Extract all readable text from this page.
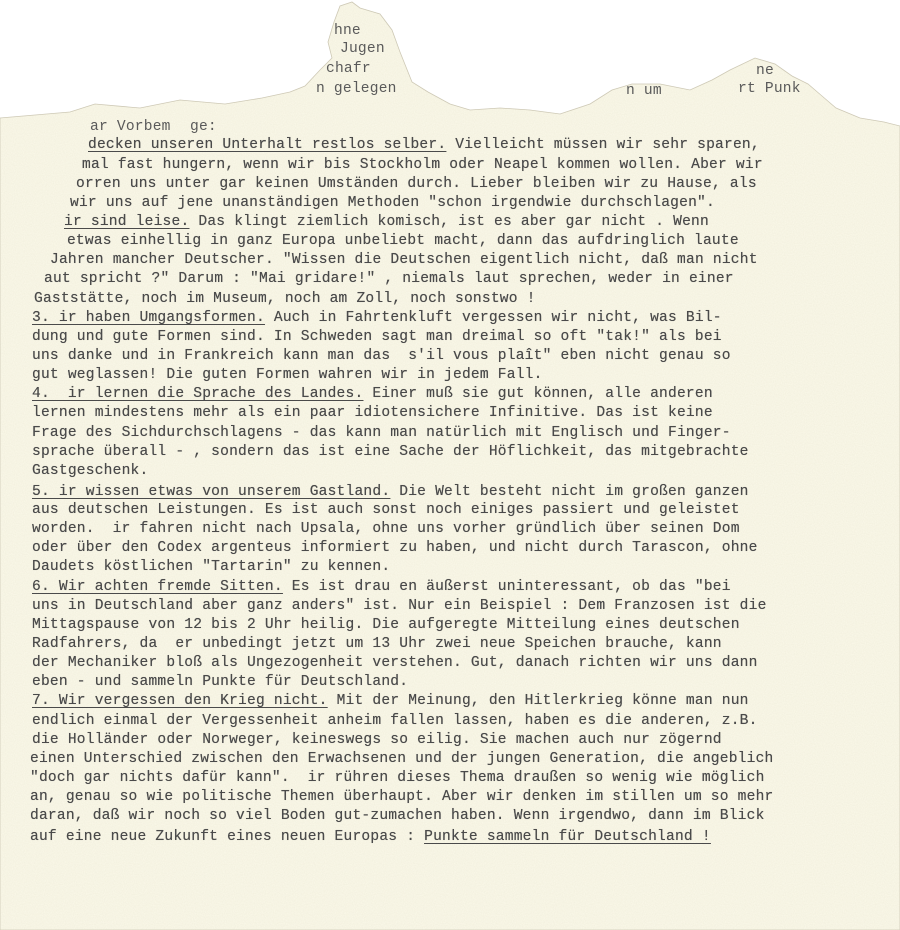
hne

Jugen

chafr

n gelegen

ne

n um

	rt Punk

ar Vorbem

ge:

decken unseren Unterhalt restlos selber. Vielleicht müssen wir sehr sparen,
mal fast hungern, wenn wir bis Stockholm oder Neapel kommen wollen. Aber wir
orren uns unter gar keinen Umständen durch. Lieber bleiben wir zu Hause, als
wir uns auf jene unanständigen Methoden "schon irgendwie durchschlagen".
ir sind leise. Das klingt ziemlich komisch, ist es aber gar nicht . Wenn
etwas einhellig in ganz Europa unbeliebt macht, dann das aufdringlich laute
Jahren mancher Deutscher. "Wissen die Deutschen eigentlich nicht, daß man nicht
aut spricht ?" Darum : "Mai gridare!" , niemals laut sprechen, weder in einer
Gaststätte, noch im Museum, noch am Zoll, noch sonstwo !
3. ir haben Umgangsformen. Auch in Fahrtenkluft vergessen wir nicht, was Bil-
dung und gute Formen sind. In Schweden sagt man dreimal so oft "tak!" als bei
uns danke und in Frankreich kann man das  s'il vous plaît" eben nicht genau so
gut weglassen! Die guten Formen wahren wir in jedem Fall.
4.  ir lernen die Sprache des Landes. Einer muß sie gut können, alle anderen
lernen mindestens mehr als ein paar idiotensichere Infinitive. Das ist keine
Frage des Sichdurchschlagens - das kann man natürlich mit Englisch und Finger-
sprache überall - , sondern das ist eine Sache der Höflichkeit, das mitgebrachte
Gastgeschenk.
5. ir wissen etwas von unserem Gastland. Die Welt besteht nicht im großen ganzen
aus deutschen Leistungen. Es ist auch sonst noch einiges passiert und geleistet
worden.  ir fahren nicht nach Upsala, ohne uns vorher gründlich über seinen Dom
oder über den Codex argenteus informiert zu haben, und nicht durch Tarascon, ohne
Daudets köstlichen "Tartarin" zu kennen.
6. Wir achten fremde Sitten. Es ist drau en äußerst uninteressant, ob das "bei
uns in Deutschland aber ganz anders" ist. Nur ein Beispiel : Dem Franzosen ist die
Mittagspause von 12 bis 2 Uhr heilig. Die aufgeregte Mitteilung eines deutschen
Radfahrers, da  er unbedingt jetzt um 13 Uhr zwei neue Speichen brauche, kann
der Mechaniker bloß als Ungezogenheit verstehen. Gut, danach richten wir uns dann
eben - und sammeln Punkte für Deutschland.
7. Wir vergessen den Krieg nicht. Mit der Meinung, den Hitlerkrieg könne man nun
endlich einmal der Vergessenheit anheim fallen lassen, haben es die anderen, z.B.
die Holländer oder Norweger, keineswegs so eilig. Sie machen auch nur zögernd
einen Unterschied zwischen den Erwachsenen und der jungen Generation, die angeblich
"doch gar nichts dafür kann".  ir rühren dieses Thema draußen so wenig wie möglich
an, genau so wie politische Themen überhaupt. Aber wir denken im stillen um so mehr
daran, daß wir noch so viel Boden gut-zumachen haben. Wenn irgendwo, dann im Blick
auf eine neue Zukunft eines neuen Europas : Punkte sammeln für Deutschland !
